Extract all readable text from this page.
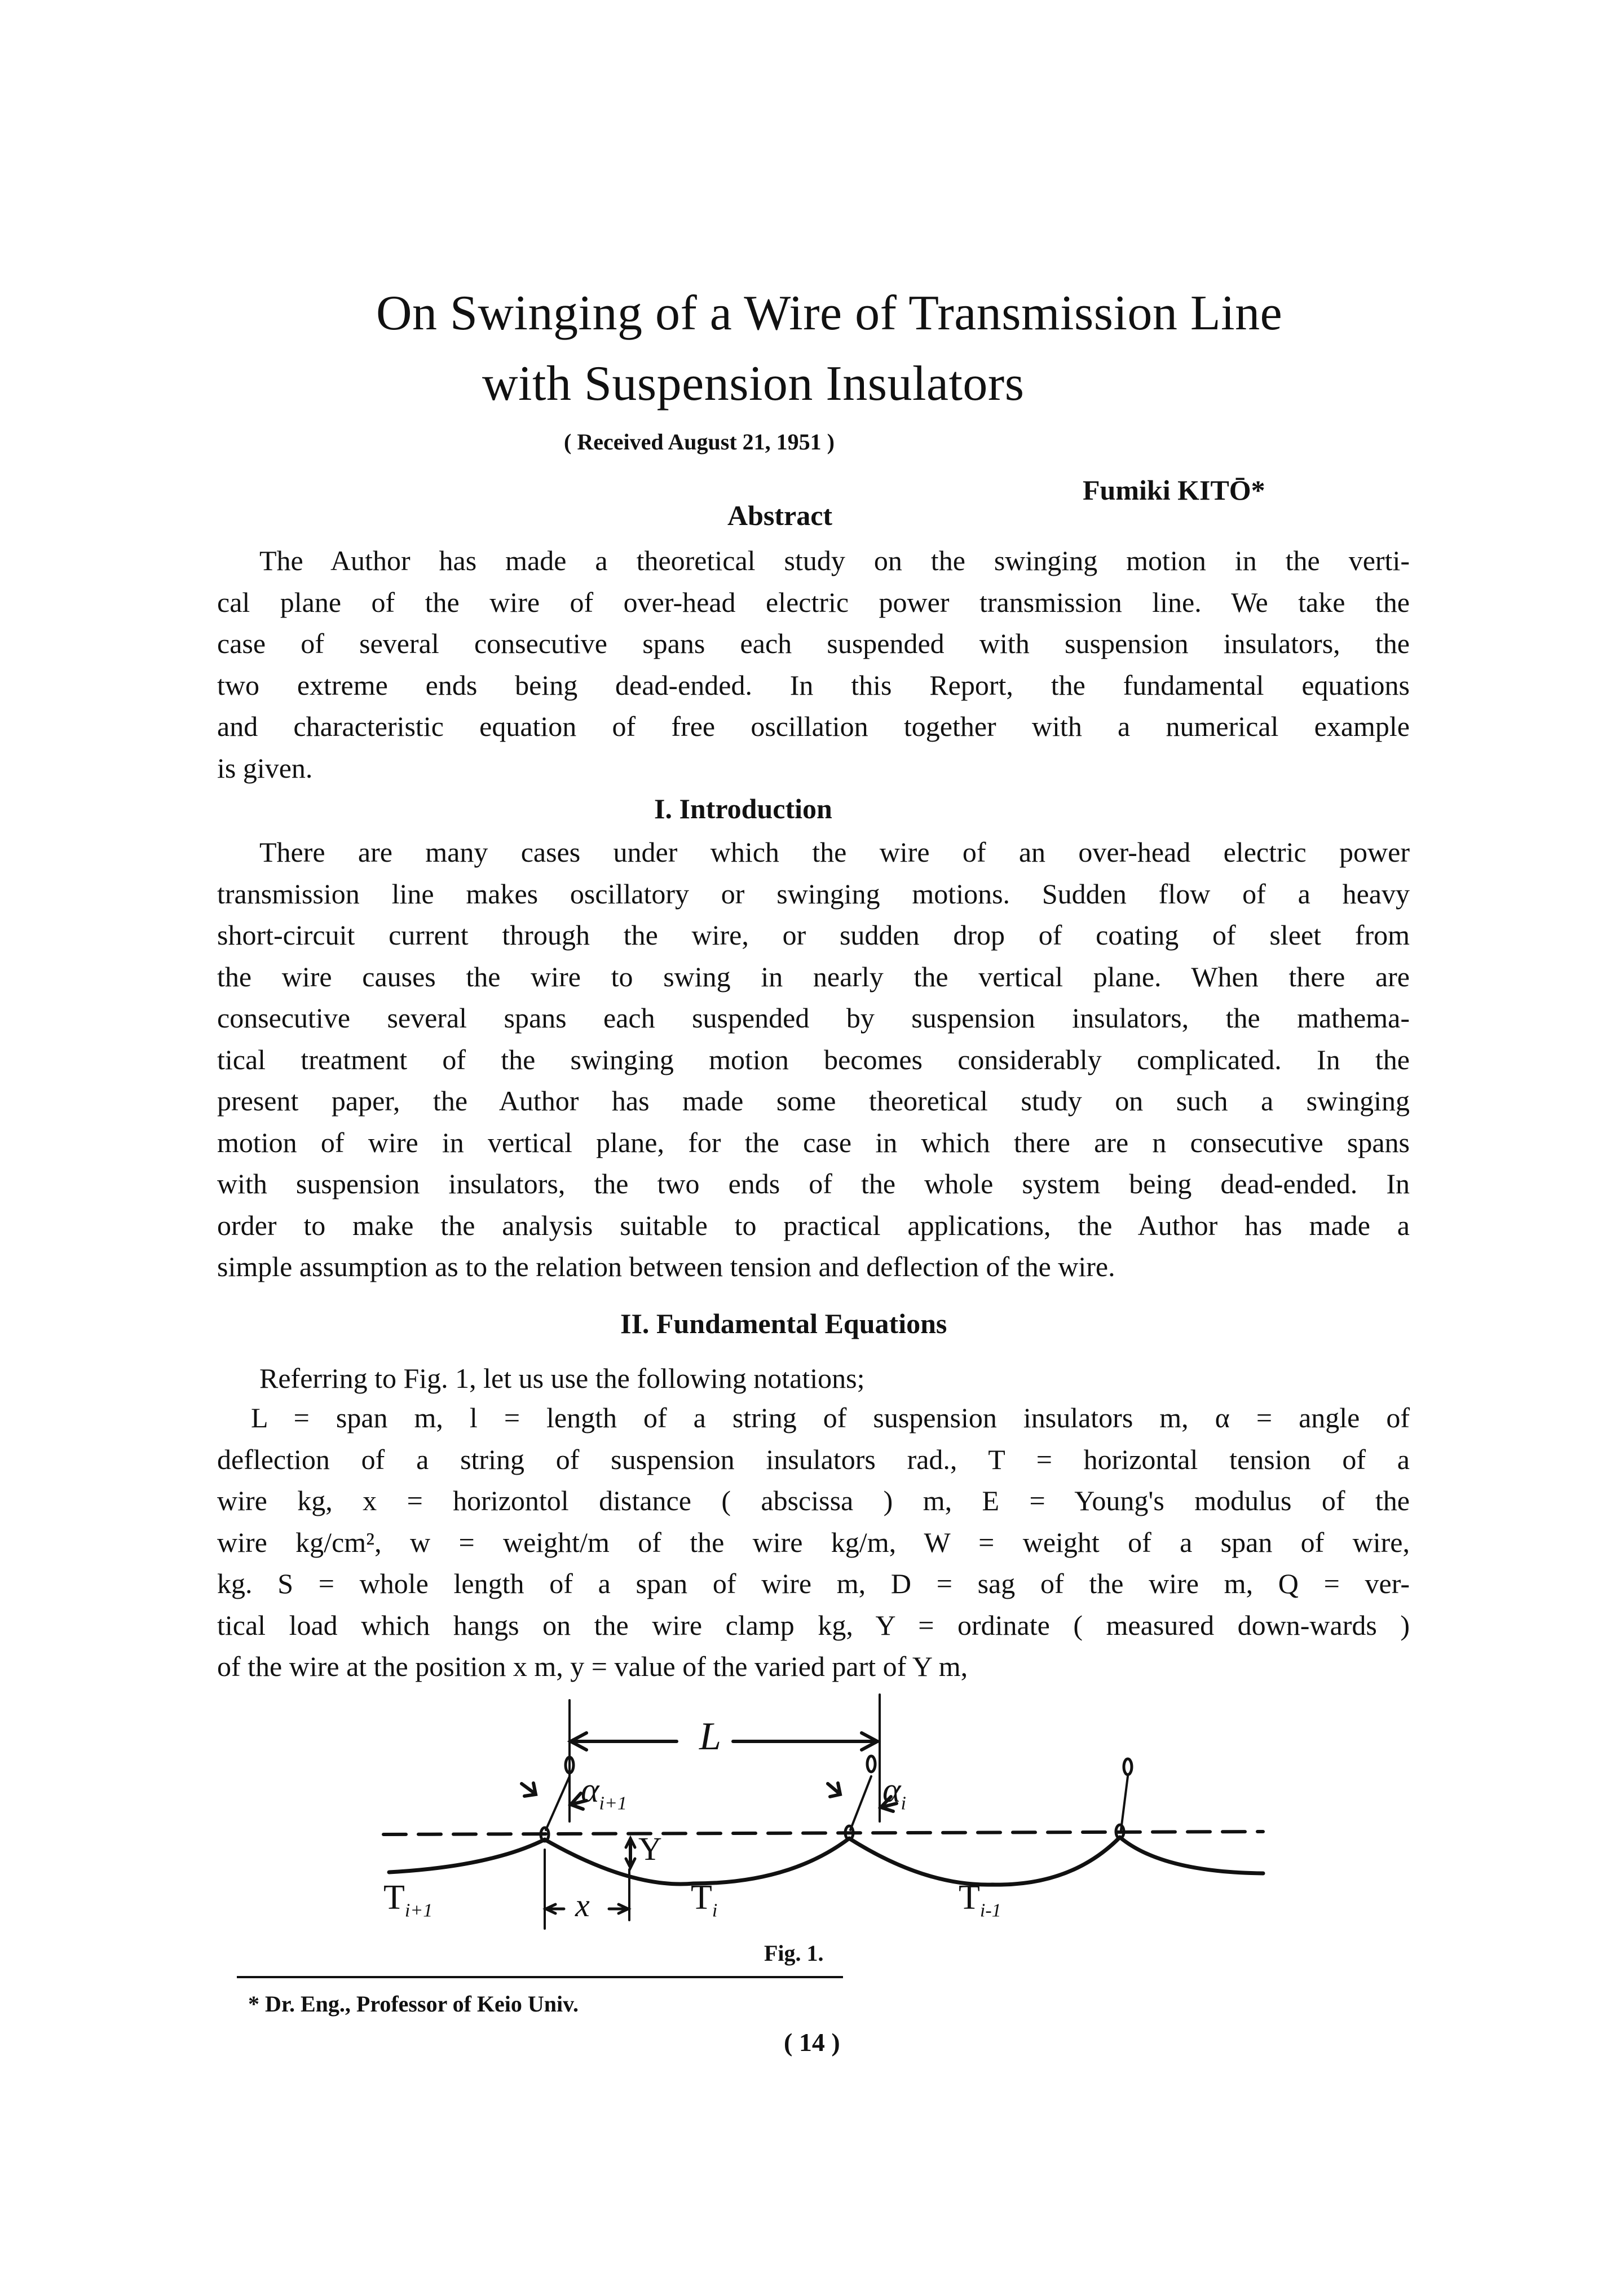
On Swinging of a Wire of Transmission Line
with Suspension Insulators
( Received August 21, 1951 )
Fumiki KITŌ*
Abstract
The Author has made a theoretical study on the swinging motion in the verti-
cal plane of the wire of over-head electric power transmission line. We take the
case of several consecutive spans each suspended with suspension insulators, the
two extreme ends being dead-ended. In this Report, the fundamental equations
and characteristic equation of free oscillation together with a numerical example
is given.
I. Introduction
There are many cases under which the wire of an over-head electric power
transmission line makes oscillatory or swinging motions. Sudden flow of a heavy
short-circuit current through the wire, or sudden drop of coating of sleet from
the wire causes the wire to swing in nearly the vertical plane. When there are
consecutive several spans each suspended by suspension insulators, the mathema-
tical treatment of the swinging motion becomes considerably complicated. In the
present paper, the Author has made some theoretical study on such a swinging
motion of wire in vertical plane, for the case in which there are n consecutive spans
with suspension insulators, the two ends of the whole system being dead-ended. In
order to make the analysis suitable to practical applications, the Author has made a
simple assumption as to the relation between tension and deflection of the wire.
II. Fundamental Equations
Referring to Fig. 1, let us use the following notations;
L = span m, l = length of a string of suspension insulators m, α = angle of
deflection of a string of suspension insulators rad., T = horizontal tension of a
wire kg, x = horizontol distance ( abscissa ) m, E = Young's modulus of the
wire kg/cm², w = weight/m of the wire kg/m, W = weight of a span of wire,
kg. S = whole length of a span of wire m, D = sag of the wire m, Q = ver-
tical load which hangs on the wire clamp kg, Y = ordinate ( measured down-wards )
of the wire at the position x m, y = value of the varied part of Y m,
L
$\alpha_{i+1}$	$\alpha_i$
Y
x
$T_{i+1}$	$T_i$	$T_{i-1}$
Fig. 1.
* Dr. Eng., Professor of Keio Univ.
( 14 )
